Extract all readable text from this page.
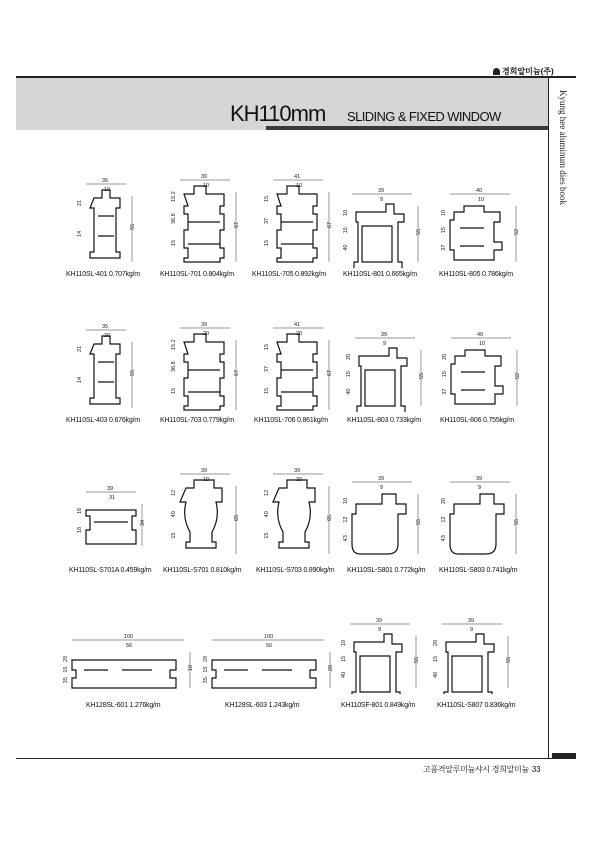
경희알미늄(주)
KH110mm SLIDING & FIXED WINDOW	Kyung hee aluminum dies book
고품격알루미늄샤시 경희알미늄 33
35
10
21
14
55
KH110SL-401 0.707kg/m
39
10
15.2
36.8
15
67
KH110SL-701 0.804kg/m
41
10
15
37
15
67
KH110SL-705 0.892kg/m
39
9
10
15
40
55
KH110SL-801 0.665kg/m
40
10
10
15
37
52
KH110SL-805 0.786kg/m
35
20
21
14
55
KH110SL-403 0.676kg/m
39
20
15.2
36.8
15
67
KH110SL-703 0.779kg/m
41
20
15
37
15
67
KH110SL-706 0.861kg/m
39
9
20
15
40
55
KH110SL-803 0.733kg/m
40
10
20
15
37
52
KH110SL-806 0.755kg/m
39
31
16
18
34
KH110SL-S701A 0.459kg/m
39
10
12
40
15
65
KH110SL-S701 0.810kg/m
39
20
12
40
15
65
KH110SL-S703 0.890kg/m
39
9
10
12
43
55
KH110SL-S801 0.772kg/m
39
9
20
12
43
55
KH110SL-S803 0.741kg/m
100
56
29
15
35
10
KH128SL-601 1.276kg/m
100
56
29
15
35
20
KH128SL-603 1.243kg/m
39
9
10
15
40
55
KH110SF-801 0.849kg/m
39
9
20
15
40
55
KH110SL-S807 0.836kg/m
